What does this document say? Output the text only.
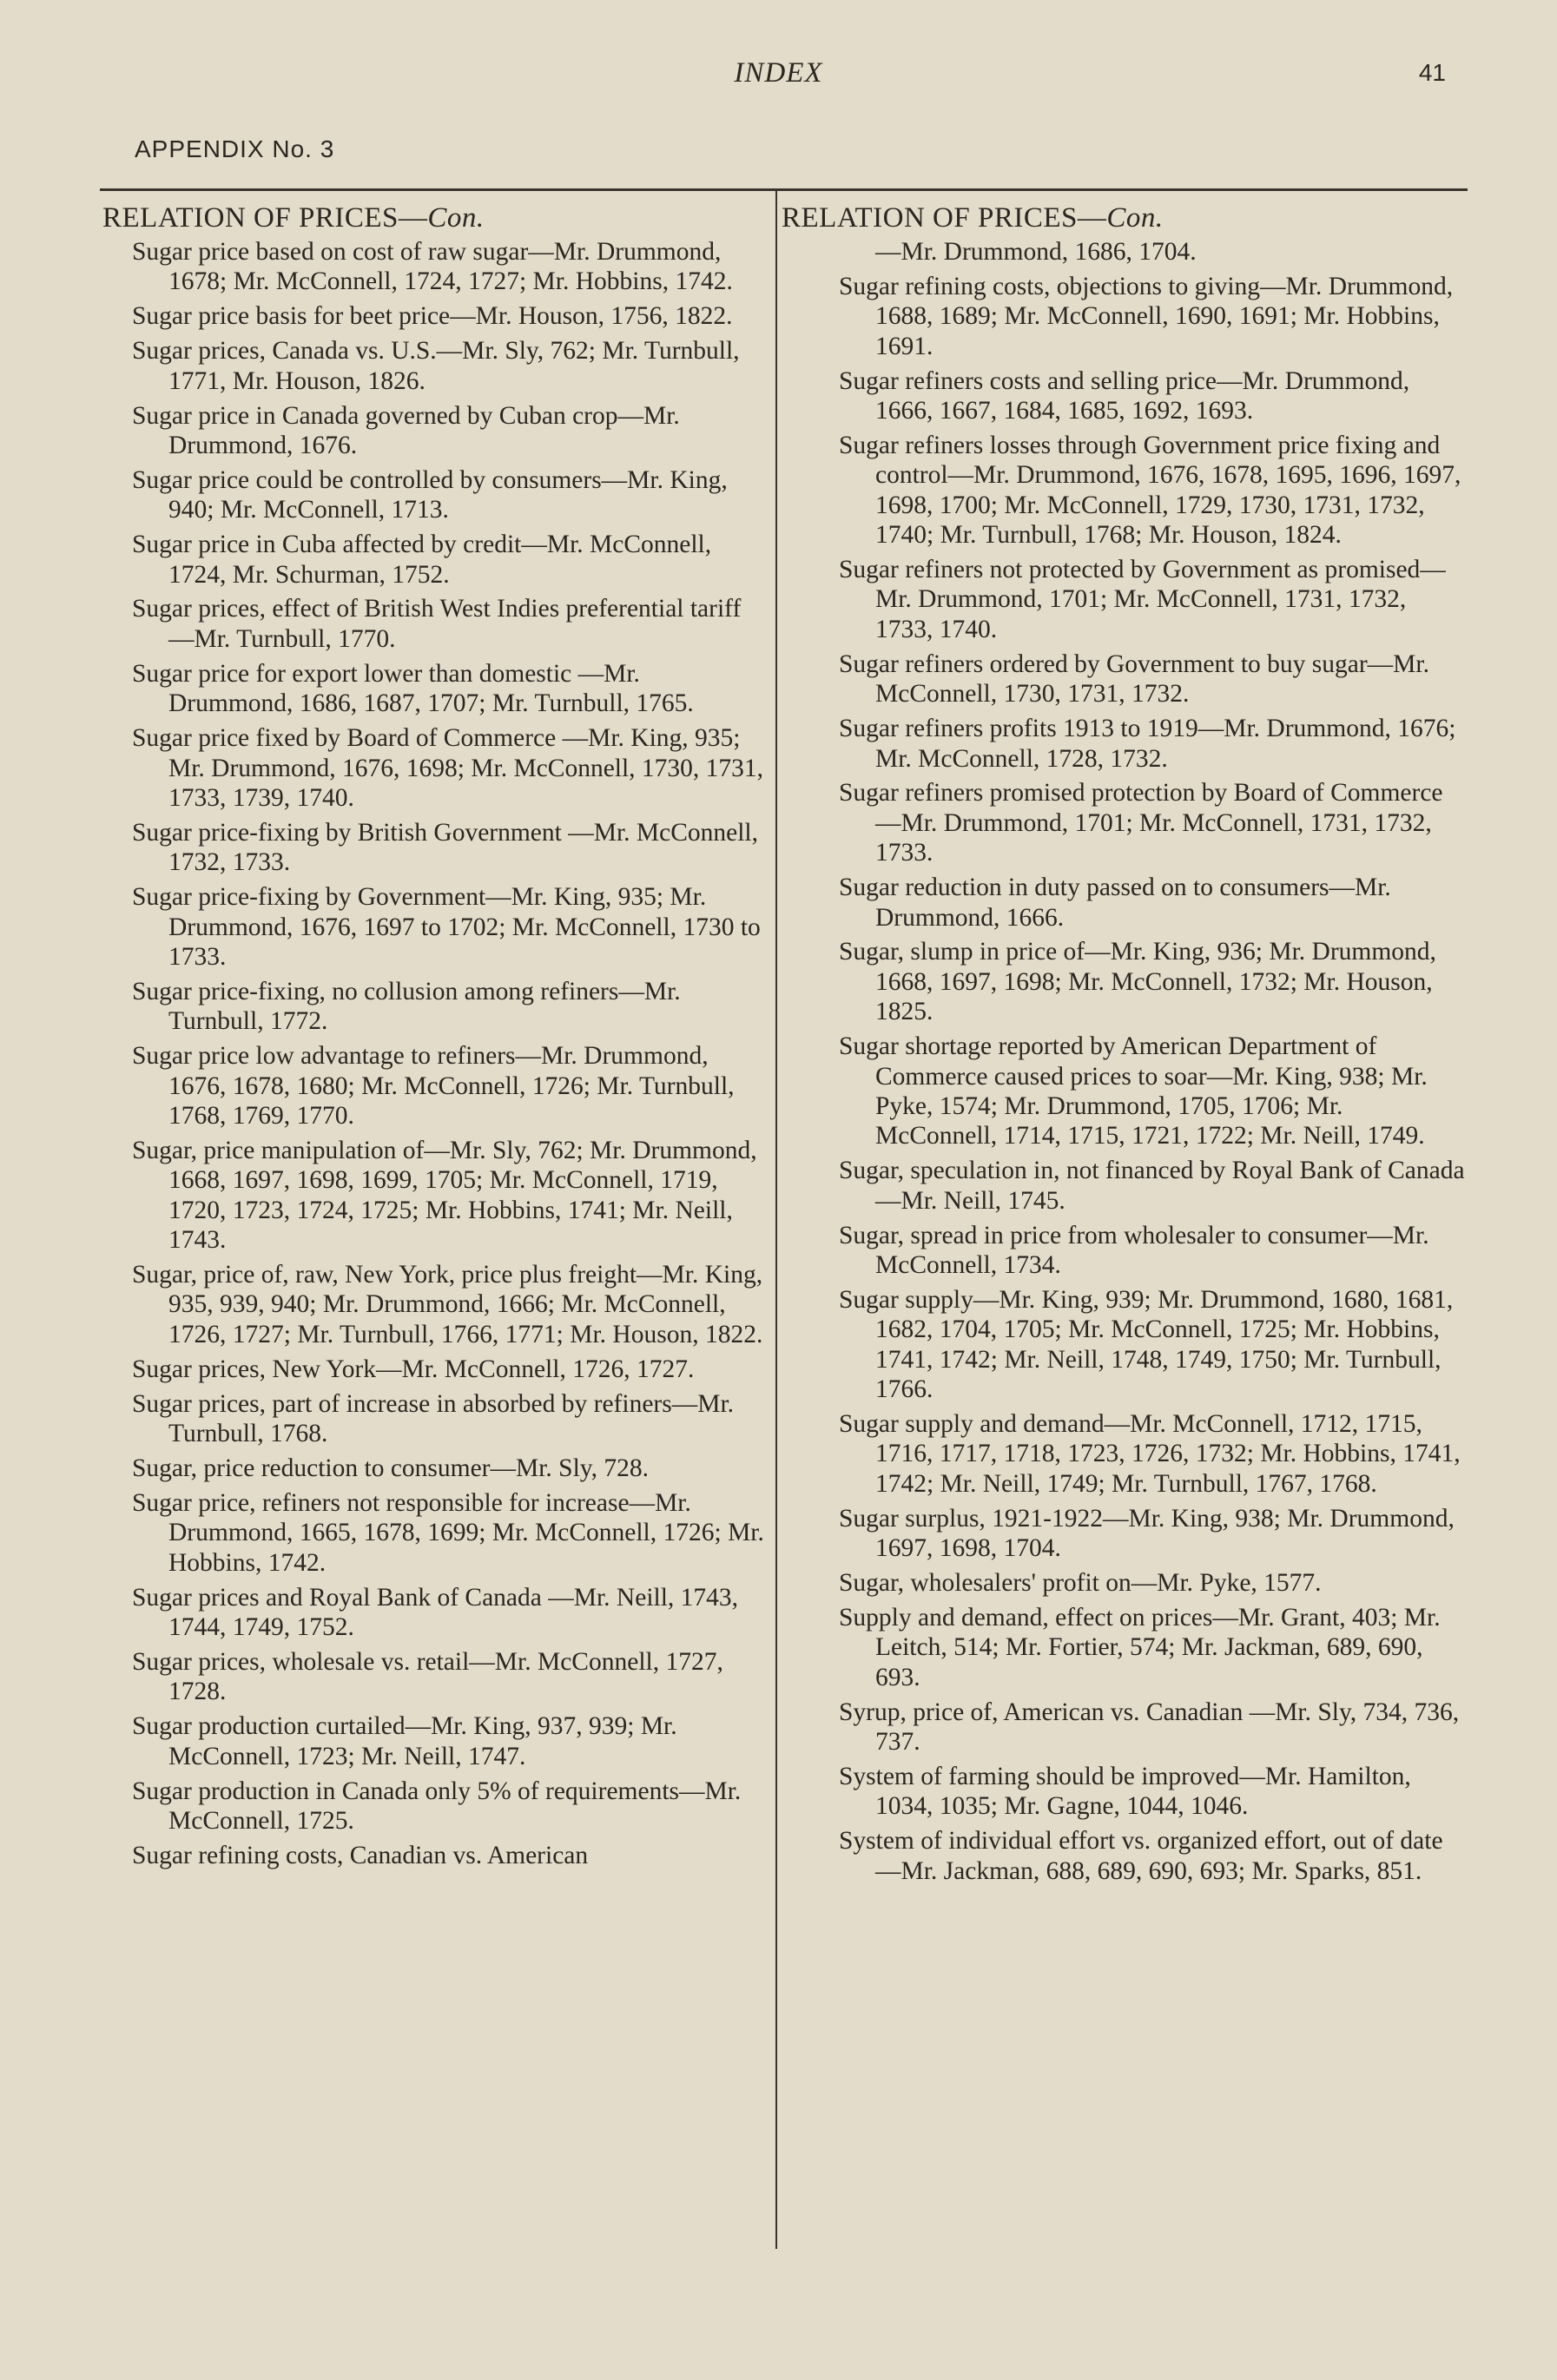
INDEX	41
APPENDIX No. 3
RELATION OF PRICES—Con.
Sugar price based on cost of raw sugar—Mr. Drummond, 1678; Mr. McConnell, 1724, 1727; Mr. Hobbins, 1742.
Sugar price basis for beet price—Mr. Houson, 1756, 1822.
Sugar prices, Canada vs. U.S.—Mr. Sly, 762; Mr. Turnbull, 1771, Mr. Houson, 1826.
Sugar price in Canada governed by Cuban crop—Mr. Drummond, 1676.
Sugar price could be controlled by consumers—Mr. King, 940; Mr. McConnell, 1713.
Sugar price in Cuba affected by credit—Mr. McConnell, 1724, Mr. Schurman, 1752.
Sugar prices, effect of British West Indies preferential tariff—Mr. Turnbull, 1770.
Sugar price for export lower than domestic —Mr. Drummond, 1686, 1687, 1707; Mr. Turnbull, 1765.
Sugar price fixed by Board of Commerce —Mr. King, 935; Mr. Drummond, 1676, 1698; Mr. McConnell, 1730, 1731, 1733, 1739, 1740.
Sugar price-fixing by British Government —Mr. McConnell, 1732, 1733.
Sugar price-fixing by Government—Mr. King, 935; Mr. Drummond, 1676, 1697 to 1702; Mr. McConnell, 1730 to 1733.
Sugar price-fixing, no collusion among refiners—Mr. Turnbull, 1772.
Sugar price low advantage to refiners—Mr. Drummond, 1676, 1678, 1680; Mr. McConnell, 1726; Mr. Turnbull, 1768, 1769, 1770.
Sugar, price manipulation of—Mr. Sly, 762; Mr. Drummond, 1668, 1697, 1698, 1699, 1705; Mr. McConnell, 1719, 1720, 1723, 1724, 1725; Mr. Hobbins, 1741; Mr. Neill, 1743.
Sugar, price of, raw, New York, price plus freight—Mr. King, 935, 939, 940; Mr. Drummond, 1666; Mr. McConnell, 1726, 1727; Mr. Turnbull, 1766, 1771; Mr. Houson, 1822.
Sugar prices, New York—Mr. McConnell, 1726, 1727.
Sugar prices, part of increase in absorbed by refiners—Mr. Turnbull, 1768.
Sugar, price reduction to consumer—Mr. Sly, 728.
Sugar price, refiners not responsible for increase—Mr. Drummond, 1665, 1678, 1699; Mr. McConnell, 1726; Mr. Hobbins, 1742.
Sugar prices and Royal Bank of Canada —Mr. Neill, 1743, 1744, 1749, 1752.
Sugar prices, wholesale vs. retail—Mr. McConnell, 1727, 1728.
Sugar production curtailed—Mr. King, 937, 939; Mr. McConnell, 1723; Mr. Neill, 1747.
Sugar production in Canada only 5% of requirements—Mr. McConnell, 1725.
Sugar refining costs, Canadian vs. American
RELATION OF PRICES—Con.
—Mr. Drummond, 1686, 1704.
Sugar refining costs, objections to giving—Mr. Drummond, 1688, 1689; Mr. McConnell, 1690, 1691; Mr. Hobbins, 1691.
Sugar refiners costs and selling price—Mr. Drummond, 1666, 1667, 1684, 1685, 1692, 1693.
Sugar refiners losses through Government price fixing and control—Mr. Drummond, 1676, 1678, 1695, 1696, 1697, 1698, 1700; Mr. McConnell, 1729, 1730, 1731, 1732, 1740; Mr. Turnbull, 1768; Mr. Houson, 1824.
Sugar refiners not protected by Government as promised—Mr. Drummond, 1701; Mr. McConnell, 1731, 1732, 1733, 1740.
Sugar refiners ordered by Government to buy sugar—Mr. McConnell, 1730, 1731, 1732.
Sugar refiners profits 1913 to 1919—Mr. Drummond, 1676; Mr. McConnell, 1728, 1732.
Sugar refiners promised protection by Board of Commerce—Mr. Drummond, 1701; Mr. McConnell, 1731, 1732, 1733.
Sugar reduction in duty passed on to consumers—Mr. Drummond, 1666.
Sugar, slump in price of—Mr. King, 936; Mr. Drummond, 1668, 1697, 1698; Mr. McConnell, 1732; Mr. Houson, 1825.
Sugar shortage reported by American Department of Commerce caused prices to soar—Mr. King, 938; Mr. Pyke, 1574; Mr. Drummond, 1705, 1706; Mr. McConnell, 1714, 1715, 1721, 1722; Mr. Neill, 1749.
Sugar, speculation in, not financed by Royal Bank of Canada—Mr. Neill, 1745.
Sugar, spread in price from wholesaler to consumer—Mr. McConnell, 1734.
Sugar supply—Mr. King, 939; Mr. Drummond, 1680, 1681, 1682, 1704, 1705; Mr. McConnell, 1725; Mr. Hobbins, 1741, 1742; Mr. Neill, 1748, 1749, 1750; Mr. Turnbull, 1766.
Sugar supply and demand—Mr. McConnell, 1712, 1715, 1716, 1717, 1718, 1723, 1726, 1732; Mr. Hobbins, 1741, 1742; Mr. Neill, 1749; Mr. Turnbull, 1767, 1768.
Sugar surplus, 1921-1922—Mr. King, 938; Mr. Drummond, 1697, 1698, 1704.
Sugar, wholesalers' profit on—Mr. Pyke, 1577.
Supply and demand, effect on prices—Mr. Grant, 403; Mr. Leitch, 514; Mr. Fortier, 574; Mr. Jackman, 689, 690, 693.
Syrup, price of, American vs. Canadian —Mr. Sly, 734, 736, 737.
System of farming should be improved—Mr. Hamilton, 1034, 1035; Mr. Gagne, 1044, 1046.
System of individual effort vs. organized effort, out of date—Mr. Jackman, 688, 689, 690, 693; Mr. Sparks, 851.
